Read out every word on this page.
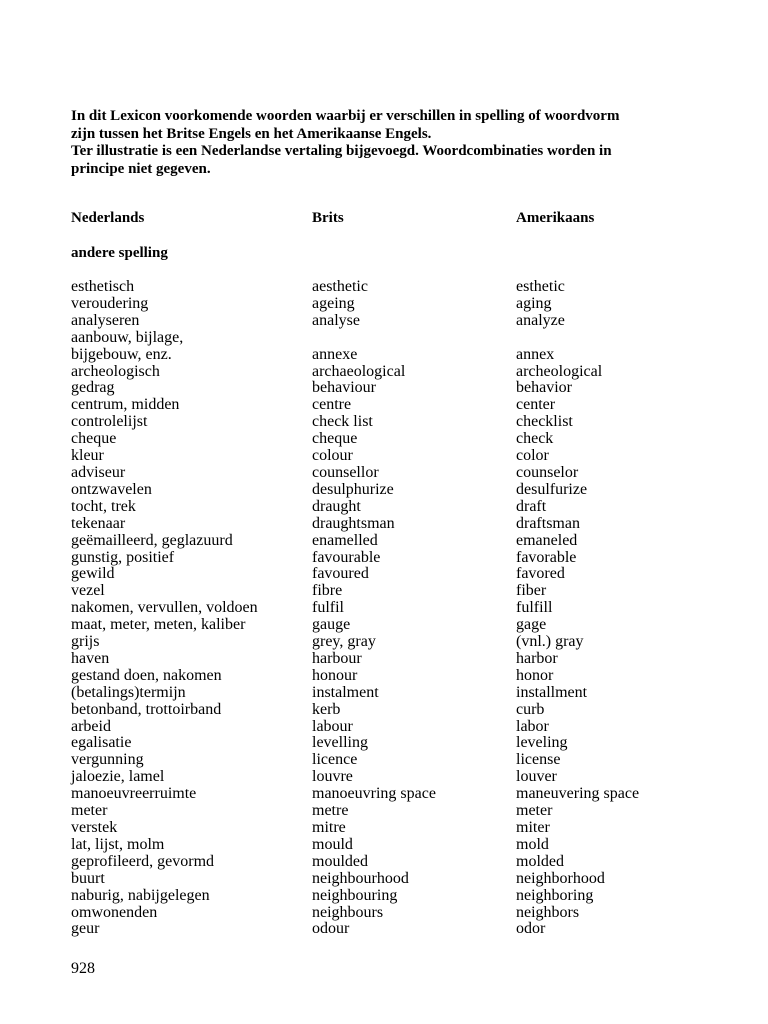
In dit Lexicon voorkomende woorden waarbij er verschillen in spelling of woordvorm

zijn tussen het Britse Engels en het Amerikaanse Engels.

Ter illustratie is een Nederlandse vertaling bijgevoegd. Woordcombinaties worden in

principe niet gegeven.

Nederlands	Brits	Amerikaans
andere spelling
esthetisch	aesthetic	esthetic
veroudering	ageing	aging
analyseren	analyse	analyze
aanbouw, bijlage,
bijgebouw, enz.	annexe	annex
archeologisch	archaeological	archeological
gedrag	behaviour	behavior
centrum, midden	centre	center
controlelijst	check list	checklist
cheque	cheque	check
kleur	colour	color
adviseur	counsellor	counselor
ontzwavelen	desulphurize	desulfurize
tocht, trek	draught	draft
tekenaar	draughtsman	draftsman
geëmailleerd, geglazuurd	enamelled	emaneled
gunstig, positief	favourable	favorable
gewild	favoured	favored
vezel	fibre	fiber
nakomen, vervullen, voldoen	fulfil	fulfill
maat, meter, meten, kaliber	gauge	gage
grijs	grey, gray	(vnl.) gray
haven	harbour	harbor
gestand doen, nakomen	honour	honor
(betalings)termijn	instalment	installment
betonband, trottoirband	kerb	curb
arbeid	labour	labor
egalisatie	levelling	leveling
vergunning	licence	license
jaloezie, lamel	louvre	louver
manoeuvreerruimte	manoeuvring space	maneuvering space
meter	metre	meter
verstek	mitre	miter
lat, lijst, molm	mould	mold
geprofileerd, gevormd	moulded	molded
buurt	neighbourhood	neighborhood
naburig, nabijgelegen	neighbouring	neighboring
omwonenden	neighbours	neighbors
geur	odour	odor
928
